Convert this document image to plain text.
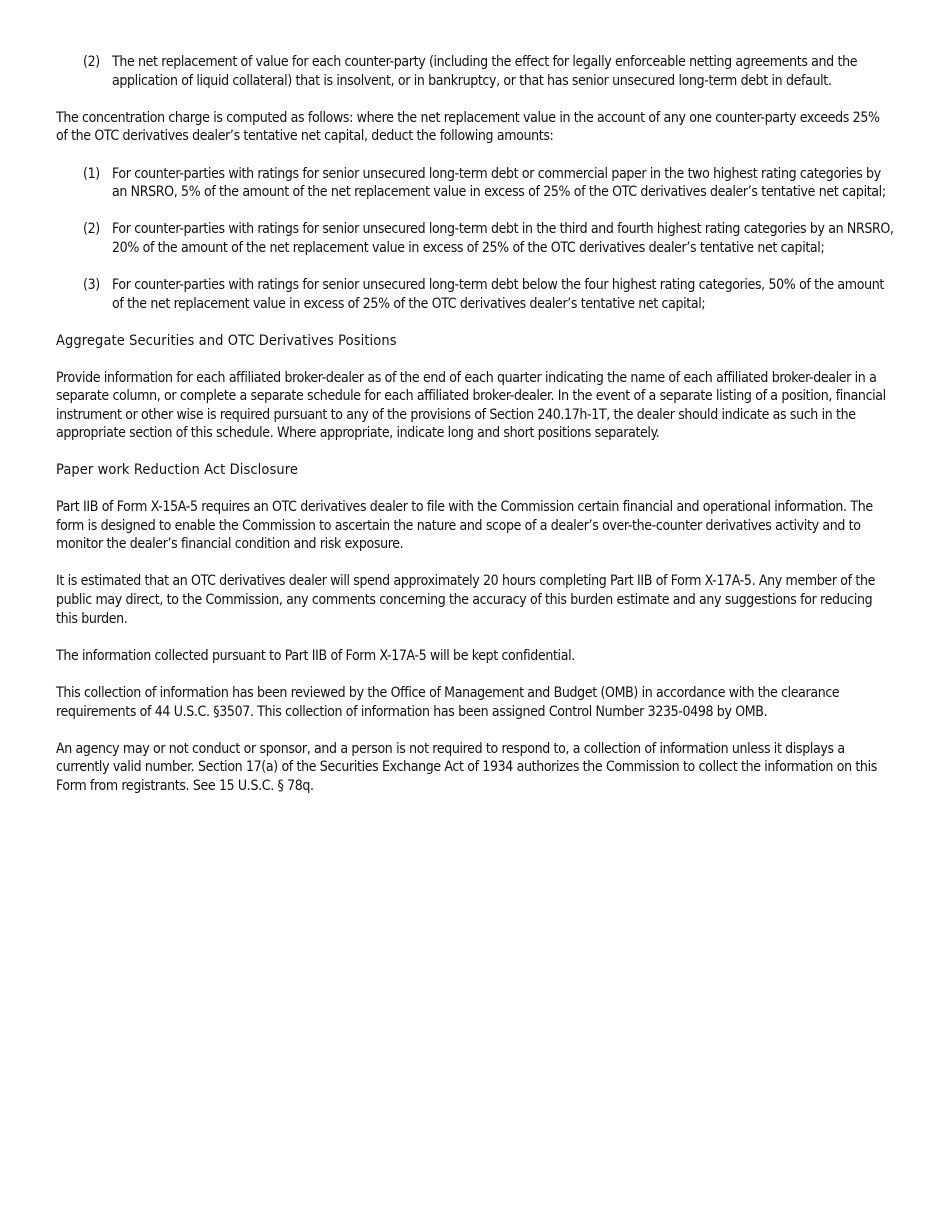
(2) The net replacement of value for each counter-party (including the effect for legally enforceable netting agreements and the application of liquid collateral) that is insolvent, or in bankruptcy, or that has senior unsecured long-term debt in default.

The concentration charge is computed as follows: where the net replacement value in the account of any one counter-party exceeds 25% of the OTC derivatives dealer’s tentative net capital, deduct the following amounts:

(1) For counter-parties with ratings for senior unsecured long-term debt or commercial paper in the two highest rating categories by an NRSRO, 5% of the amount of the net replacement value in excess of 25% of the OTC derivatives dealer’s tentative net capital;
(2) For counter-parties with ratings for senior unsecured long-term debt in the third and fourth highest rating categories by an NRSRO, 20% of the amount of the net replacement value in excess of 25% of the OTC derivatives dealer’s tentative net capital;
(3) For counter-parties with ratings for senior unsecured long-term debt below the four highest rating categories, 50% of the amount of the net replacement value in excess of 25% of the OTC derivatives dealer’s tentative net capital;
Aggregate Securities and OTC Derivatives Positions

Provide information for each affiliated broker-dealer as of the end of each quarter indicating the name of each affiliated broker-dealer in a separate column, or complete a separate schedule for each affiliated broker-dealer. In the event of a separate listing of a position, financial instrument or other wise is required pursuant to any of the provisions of Section 240.17h-1T, the dealer should indicate as such in the appropriate section of this schedule. Where appropriate, indicate long and short positions separately.

Paper work Reduction Act Disclosure

Part IIB of Form X-15A-5 requires an OTC derivatives dealer to file with the Commission certain financial and operational information. The form is designed to enable the Commission to ascertain the nature and scope of a dealer’s over-the-counter derivatives activity and to monitor the dealer’s financial condition and risk exposure.

It is estimated that an OTC derivatives dealer will spend approximately 20 hours completing Part IIB of Form X-17A-5. Any member of the public may direct, to the Commission, any comments concerning the accuracy of this burden estimate and any suggestions for reducing this burden.

The information collected pursuant to Part IIB of Form X-17A-5 will be kept confidential.

This collection of information has been reviewed by the Office of Management and Budget (OMB) in accordance with the clearance requirements of 44 U.S.C. §3507. This collection of information has been assigned Control Number 3235-0498 by OMB.

An agency may or not conduct or sponsor, and a person is not required to respond to, a collection of information unless it displays a currently valid number. Section 17(a) of the Securities Exchange Act of 1934 authorizes the Commission to collect the information on this Form from registrants. See 15 U.S.C. § 78q.
